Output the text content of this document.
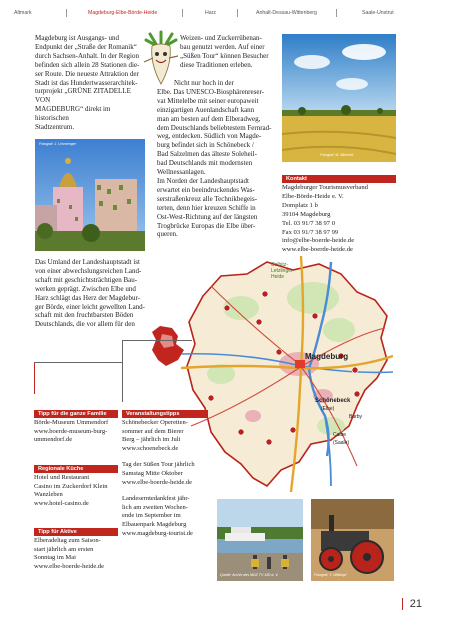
Altmark	Magdeburg-Elbe-Börde-Heide	Harz	Anhalt-Dessau-Wittenberg	Saale-Unstrut

Magdeburg ist Ausgangs- und

Endpunkt der „Straße der Romanik“

durch Sachsen-Anhalt. In der Region

befinden sich allein 28 Stationen die-

ser Route. Die neueste Attraktion der

Stadt ist das Hundertwasserarchitek-

turprojekt „GRÜNE ZITADELLE VON

MAGDEBURG“ direkt im historischen

Stadtzentrum.

Weizen- und Zuckerrübenan-

bau genutzt werden. Auf einer

„Süßen Tour“ können Besucher

diese Traditionen erleben.

Nicht nur hoch in der

Elbe. Das UNESCO-Biosphärenreser-

vat Mittelelbe mit seiner europaweit

einzigartigen Auenlandschaft kann

man am besten auf dem Elberadweg,

dem Deutschlands beliebtestem Fernrad-

weg, entdecken. Südlich von Magde-

burg befindet sich in Schönebeck /

Bad Salzelmen das älteste Soleheil-

bad Deutschlands mit modernsten

Wellnessanlagen.

Im Norden der Landeshauptstadt

erwartet ein beeindruckendes Was-

serstraßenkreuz alle Technikbegeis-

terten, denn hier kreuzen Schiffe in

Ost-West-Richtung auf der längsten

Trogbrücke Europas die Elbe über-

queren.

Fotograf: J. Ummenger

Das Umland der Landeshauptstadt ist

von einer abwechslungsreichen Land-

schaft mit geschichtsträchtigen Bau-

werken geprägt. Zwischen Elbe und

Harz schlägt das Herz der Magdebur-

ger Börde, einer leicht gewellten Land-

schaft mit den fruchtbarsten Böden

Deutschlands, die vor allem für den

Fotograf: M. Albrecht
Kontakt
Magdeburger Tourismusverband
Elbe-Börde-Heide e. V.
Domplatz 1 b
39104 Magdeburg
Tel. 03 91/7 38 97 0
Fax 03 91/7 38 97 99
info@elbe-boerde-heide.de
www.elbe-boerde-heide.de
Colbitz-
Letzlinger
Heide
Magdeburg
Schönebeck
(Elbe)
Barby
Calbe
(Saale)
Tipp für die ganze Familie
Börde-Museum Ummendorf
www.boerde-museum-burg-
ummendorf.de
Regionale Küche
Hotel und Restaurant
Casino im Zuckerdorf Klein
Wanzleben
www.hotel-casino.de
Tipp für Aktive
Elberadeltag zum Saison-
start jährlich am ersten
Sonntag im Mai
www.elbe-boerde-heide.de
Veranstaltungstipps
Schönebecker Operetten-
sommer auf dem Bierer
Berg – jährlich im Juli
www.schoenebeck.de
Tag der Süßen Tour jährlich
Samstag Mitte Oktober
www.elbe-boerde-heide.de
Landeserntedankfest jähr-
lich am zweiten Wochen-
ende im September im
Elbauenpark Magdeburg
www.magdeburg-tourist.de
Quelle: Archiv des MDZ TV 180 a. V.	Fotograf: T. Wittkopf
21
